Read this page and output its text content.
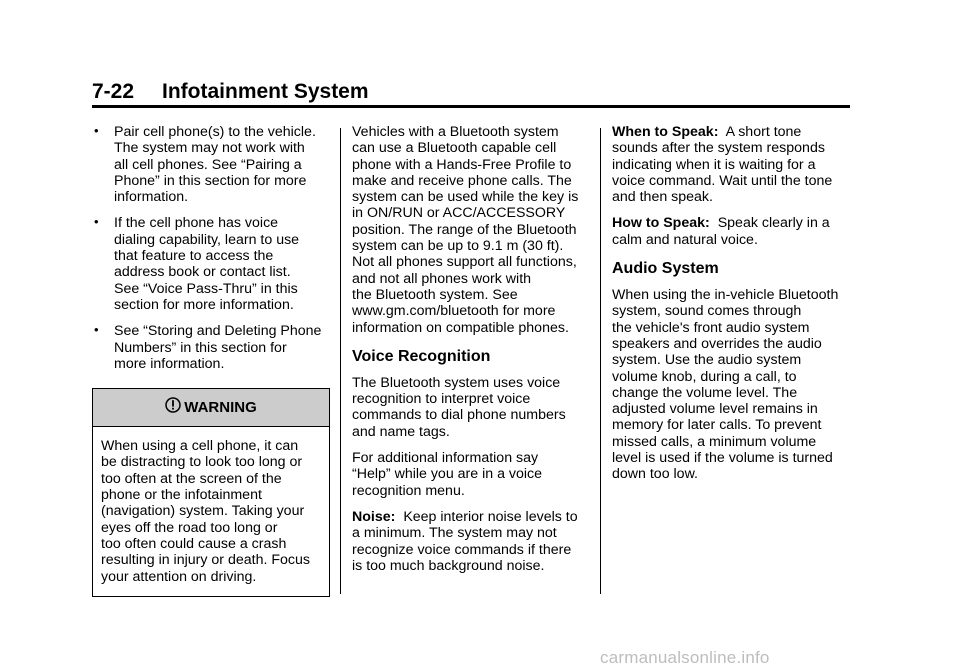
7-22 Infotainment System
• Pair cell phone(s) to the vehicle.
The system may not work with
all cell phones. See “Pairing a
Phone” in this section for more
information.
• If the cell phone has voice
dialing capability, learn to use
that feature to access the
address book or contact list.
See “Voice Pass-Thru” in this
section for more information.
• See “Storing and Deleting Phone
Numbers” in this section for
more information.
WARNING
When using a cell phone, it can
be distracting to look too long or
too often at the screen of the
phone or the infotainment
(navigation) system. Taking your
eyes off the road too long or
too often could cause a crash
resulting in injury or death. Focus
your attention on driving.

Vehicles with a Bluetooth system
can use a Bluetooth capable cell
phone with a Hands-Free Profile to
make and receive phone calls. The
system can be used while the key is
in ON/RUN or ACC/ACCESSORY
position. The range of the Bluetooth
system can be up to 9.1 m (30 ft).
Not all phones support all functions,
and not all phones work with
the Bluetooth system. See
www.gm.com/bluetooth for more
information on compatible phones.

Voice Recognition

The Bluetooth system uses voice
recognition to interpret voice
commands to dial phone numbers
and name tags.

For additional information say
“Help” while you are in a voice
recognition menu.

Noise: Keep interior noise levels to
a minimum. The system may not
recognize voice commands if there
is too much background noise.

When to Speak: A short tone
sounds after the system responds
indicating when it is waiting for a
voice command. Wait until the tone
and then speak.

How to Speak: Speak clearly in a
calm and natural voice.

Audio System

When using the in-vehicle Bluetooth
system, sound comes through
the vehicle's front audio system
speakers and overrides the audio
system. Use the audio system
volume knob, during a call, to
change the volume level. The
adjusted volume level remains in
memory for later calls. To prevent
missed calls, a minimum volume
level is used if the volume is turned
down too low.

carmanualsonline.info
